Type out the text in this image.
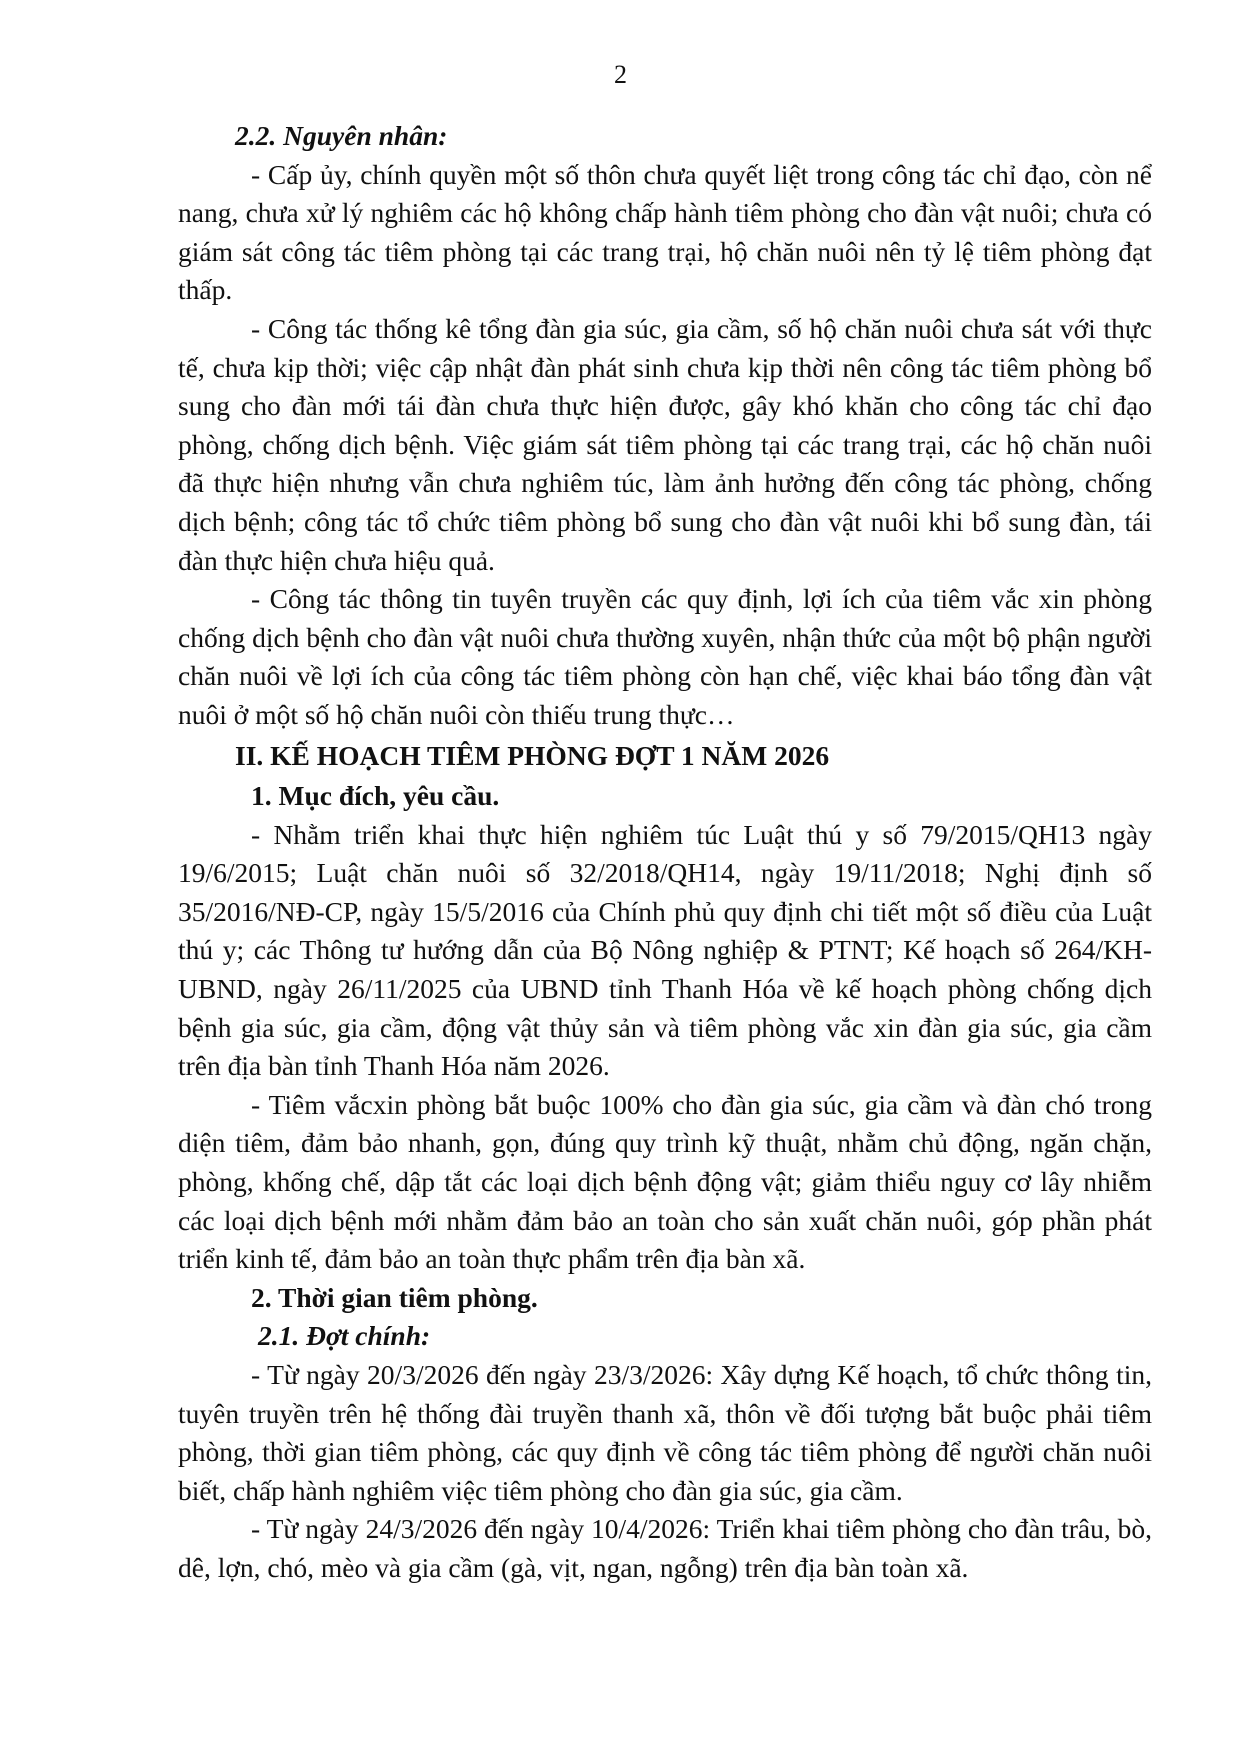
2

2.2. Nguyên nhân:

- Cấp ủy, chính quyền một số thôn chưa quyết liệt trong công tác chỉ đạo, còn nể nang, chưa xử lý nghiêm các hộ không chấp hành tiêm phòng cho đàn vật nuôi; chưa có giám sát công tác tiêm phòng tại các trang trại, hộ chăn nuôi nên tỷ lệ tiêm phòng đạt thấp.

- Công tác thống kê tổng đàn gia súc, gia cầm, số hộ chăn nuôi chưa sát với thực tế, chưa kịp thời; việc cập nhật đàn phát sinh chưa kịp thời nên công tác tiêm phòng bổ sung cho đàn mới tái đàn chưa thực hiện được, gây khó khăn cho công tác chỉ đạo phòng, chống dịch bệnh. Việc giám sát tiêm phòng tại các trang trại, các hộ chăn nuôi đã thực hiện nhưng vẫn chưa nghiêm túc, làm ảnh hưởng đến công tác phòng, chống dịch bệnh; công tác tổ chức tiêm phòng bổ sung cho đàn vật nuôi khi bổ sung đàn, tái đàn thực hiện chưa hiệu quả.

- Công tác thông tin tuyên truyền các quy định, lợi ích của tiêm vắc xin phòng chống dịch bệnh cho đàn vật nuôi chưa thường xuyên, nhận thức của một bộ phận người chăn nuôi về lợi ích của công tác tiêm phòng còn hạn chế, việc khai báo tổng đàn vật nuôi ở một số hộ chăn nuôi còn thiếu trung thực…

II. KẾ HOẠCH TIÊM PHÒNG ĐỢT 1 NĂM 2026

1. Mục đích, yêu cầu.

- Nhằm triển khai thực hiện nghiêm túc Luật thú y số 79/2015/QH13 ngày 19/6/2015; Luật chăn nuôi số 32/2018/QH14, ngày 19/11/2018; Nghị định số 35/2016/NĐ-CP, ngày 15/5/2016 của Chính phủ quy định chi tiết một số điều của Luật thú y; các Thông tư hướng dẫn của Bộ Nông nghiệp & PTNT; Kế hoạch số 264/KH- UBND, ngày 26/11/2025 của UBND tỉnh Thanh Hóa về kế hoạch phòng chống dịch bệnh gia súc, gia cầm, động vật thủy sản và tiêm phòng vắc xin đàn gia súc, gia cầm trên địa bàn tỉnh Thanh Hóa năm 2026.

- Tiêm vắcxin phòng bắt buộc 100% cho đàn gia súc, gia cầm và đàn chó trong diện tiêm, đảm bảo nhanh, gọn, đúng quy trình kỹ thuật, nhằm chủ động, ngăn chặn, phòng, khống chế, dập tắt các loại dịch bệnh động vật; giảm thiểu nguy cơ lây nhiễm các loại dịch bệnh mới nhằm đảm bảo an toàn cho sản xuất chăn nuôi, góp phần phát triển kinh tế, đảm bảo an toàn thực phẩm trên địa bàn xã.

2. Thời gian tiêm phòng.

2.1. Đợt chính:

- Từ ngày 20/3/2026 đến ngày 23/3/2026: Xây dựng Kế hoạch, tổ chức thông tin, tuyên truyền trên hệ thống đài truyền thanh xã, thôn về đối tượng bắt buộc phải tiêm phòng, thời gian tiêm phòng, các quy định về công tác tiêm phòng để người chăn nuôi biết, chấp hành nghiêm việc tiêm phòng cho đàn gia súc, gia cầm.

- Từ ngày 24/3/2026 đến ngày 10/4/2026: Triển khai tiêm phòng cho đàn trâu, bò, dê, lợn, chó, mèo và gia cầm (gà, vịt, ngan, ngỗng) trên địa bàn toàn xã.
